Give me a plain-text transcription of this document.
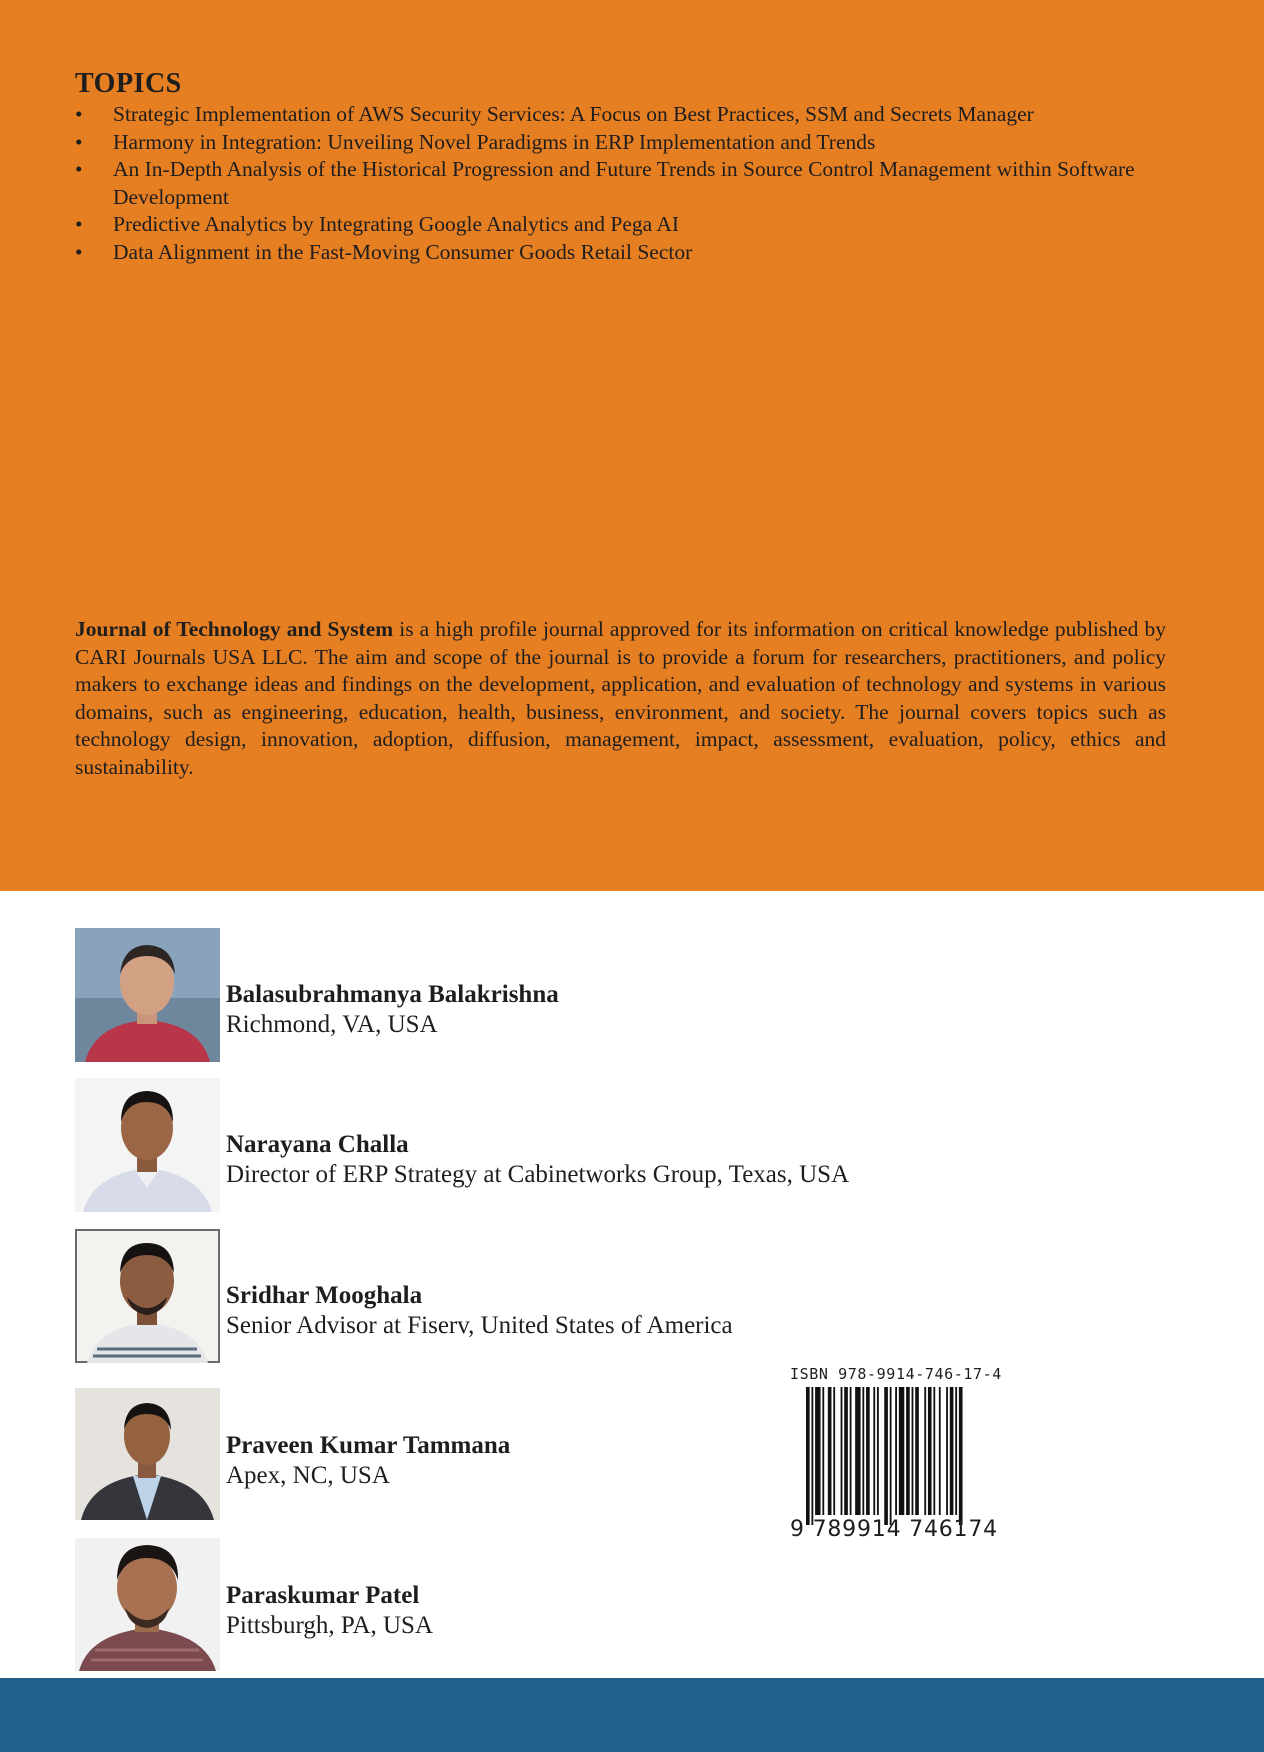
TOPICS
• Strategic Implementation of AWS Security Services: A Focus on Best Practices, SSM and Secrets Manager
• Harmony in Integration: Unveiling Novel Paradigms in ERP Implementation and Trends
• An In-Depth Analysis of the Historical Progression and Future Trends in Source Control Management within Software Development
• Predictive Analytics by Integrating Google Analytics and Pega AI
• Data Alignment in the Fast-Moving Consumer Goods Retail Sector

Journal of Technology and System is a high profile journal approved for its information on critical knowledge published by CARI Journals USA LLC. The aim and scope of the journal is to provide a forum for researchers, practitioners, and policy makers to exchange ideas and findings on the development, application, and evaluation of technology and systems in various domains, such as engineering, education, health, business, environment, and society. The journal covers topics such as technology design, innovation, adoption, diffusion, management, impact, assessment, evaluation, policy, ethics and sustainability.

Balasubrahmanya Balakrishna
Richmond, VA, USA
Narayana Challa
Director of ERP Strategy at Cabinetworks Group, Texas, USA
Sridhar Mooghala
Senior Advisor at Fiserv, United States of America
Praveen Kumar Tammana
Apex, NC, USA
Paraskumar Patel
Pittsburgh, PA, USA
ISBN 978-9914-746-17-4
9 789914 746174
